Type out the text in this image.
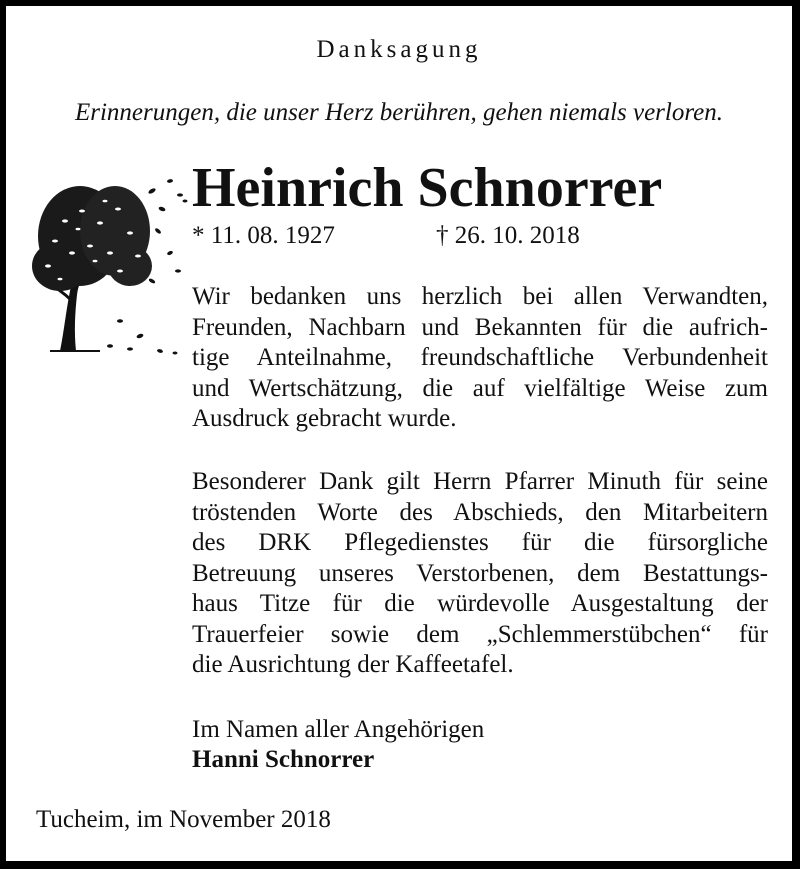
Danksagung
Erinnerungen, die unser Herz berühren, gehen niemals verloren.
Heinrich Schnorrer
* 11. 08. 1927	† 26. 10. 2018
Wir bedanken uns herzlich bei allen Verwandten,
Freunden, Nachbarn und Bekannten für die aufrich-
tige Anteilnahme, freundschaftliche Verbundenheit
und Wertschätzung, die auf vielfältige Weise zum
Ausdruck gebracht wurde.
Besonderer Dank gilt Herrn Pfarrer Minuth für seine
tröstenden Worte des Abschieds, den Mitarbeitern
des DRK Pflegedienstes für die fürsorgliche
Betreuung unseres Verstorbenen, dem Bestattungs-
haus Titze für die würdevolle Ausgestaltung der
Trauerfeier sowie dem „Schlemmerstübchen“ für
die Ausrichtung der Kaffeetafel.
Im Namen aller Angehörigen
Hanni Schnorrer
Tucheim, im November 2018
